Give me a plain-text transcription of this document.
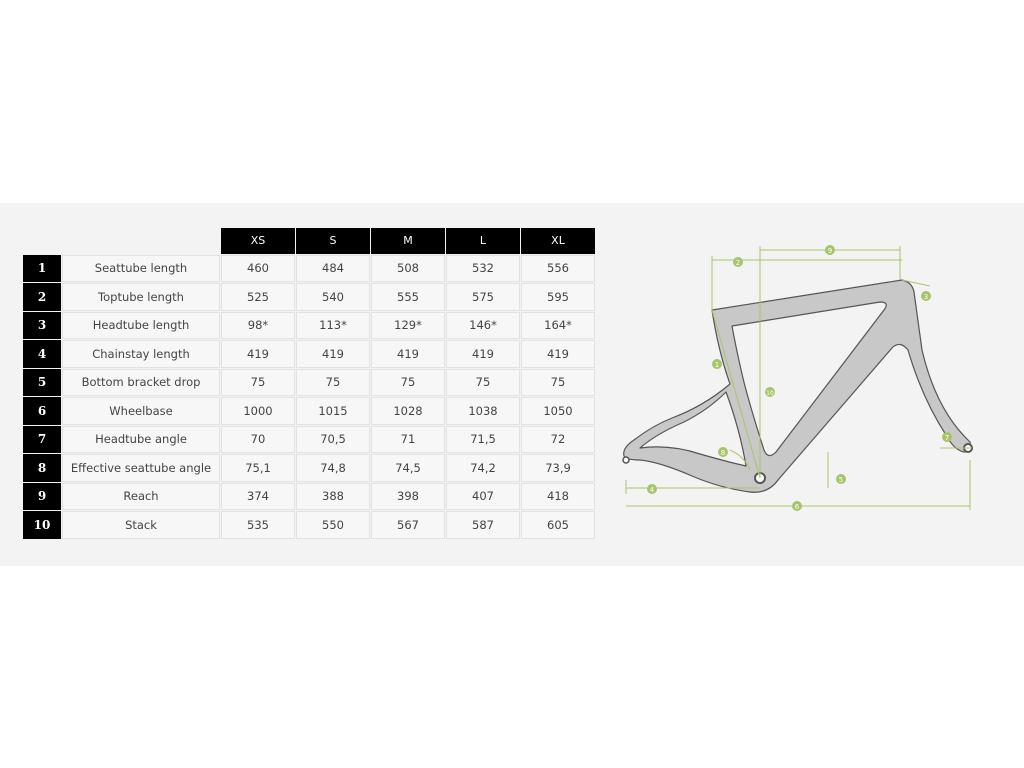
		XS	S	M	L	XL
1	Seattube length	460	484	508	532	556
2	Toptube length	525	540	555	575	595
3	Headtube length	98*	113*	129*	146*	164*
4	Chainstay length	419	419	419	419	419
5	Bottom bracket drop	75	75	75	75	75
6	Wheelbase	1000	1015	1028	1038	1050
7	Headtube angle	70	70,5	71	71,5	72
8	Effective seattube angle	75,1	74,8	74,5	74,2	73,9
9	Reach	374	388	398	407	418
10	Stack	535	550	567	587	605
1
2
3
4
5
6
7
8
9
10
